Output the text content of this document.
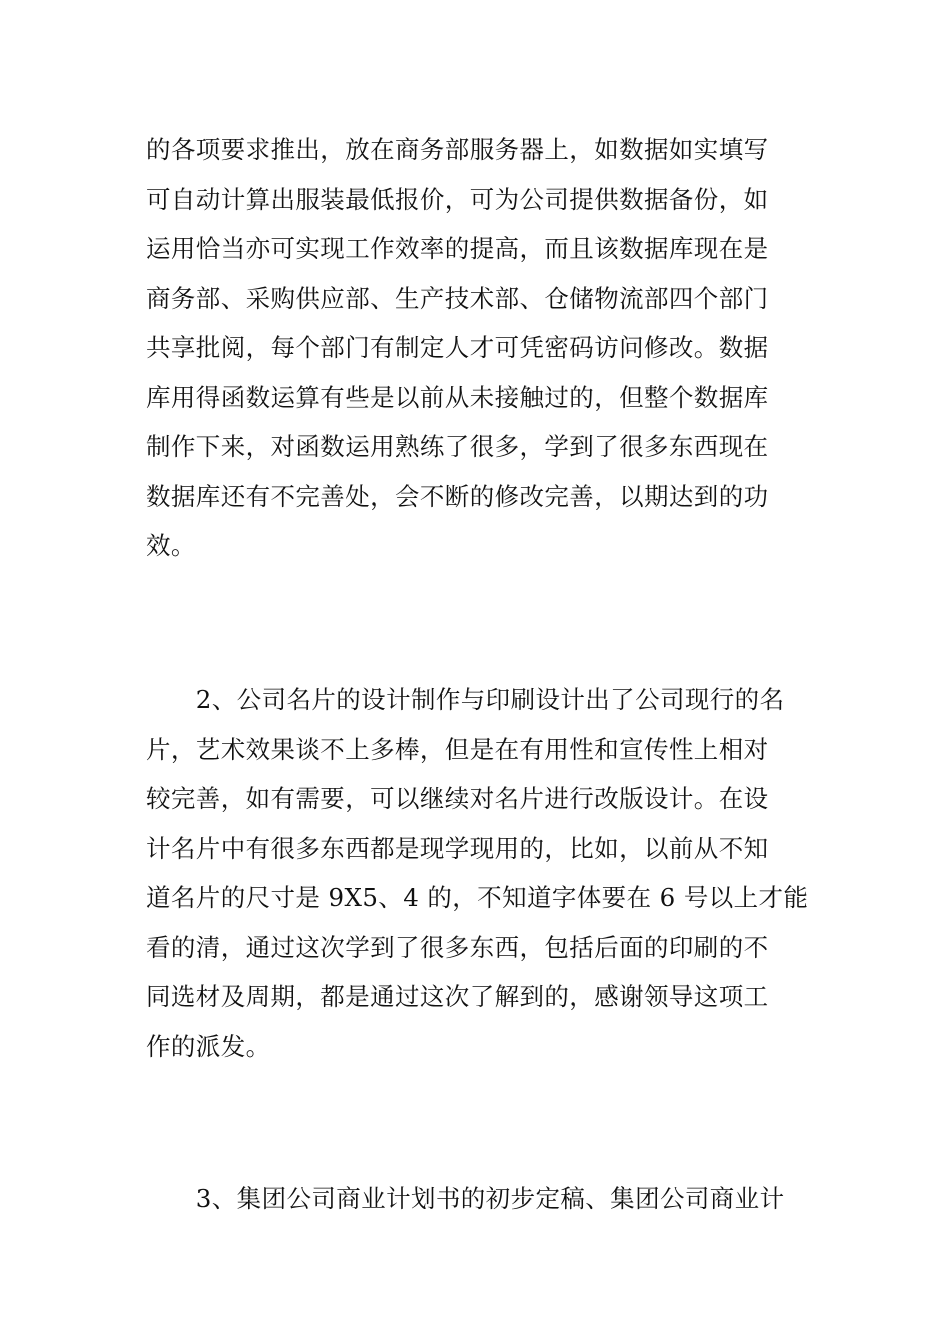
的各项要求推出，放在商务部服务器上，如数据如实填写
可自动计算出服装最低报价，可为公司提供数据备份，如
运用恰当亦可实现工作效率的提高，而且该数据库现在是
商务部、采购供应部、生产技术部、仓储物流部四个部门
共享批阅，每个部门有制定人才可凭密码访问修改。数据
库用得函数运算有些是以前从未接触过的，但整个数据库
制作下来，对函数运用熟练了很多，学到了很多东西现在
数据库还有不完善处，会不断的修改完善，以期达到的功
效。
　　2、公司名片的设计制作与印刷设计出了公司现行的名
片，艺术效果谈不上多棒，但是在有用性和宣传性上相对
较完善，如有需要，可以继续对名片进行改版设计。在设
计名片中有很多东西都是现学现用的，比如，以前从不知
道名片的尺寸是 9X5、4 的，不知道字体要在 6 号以上才能
看的清，通过这次学到了很多东西，包括后面的印刷的不
同选材及周期，都是通过这次了解到的，感谢领导这项工
作的派发。
　　3、集团公司商业计划书的初步定稿、集团公司商业计
